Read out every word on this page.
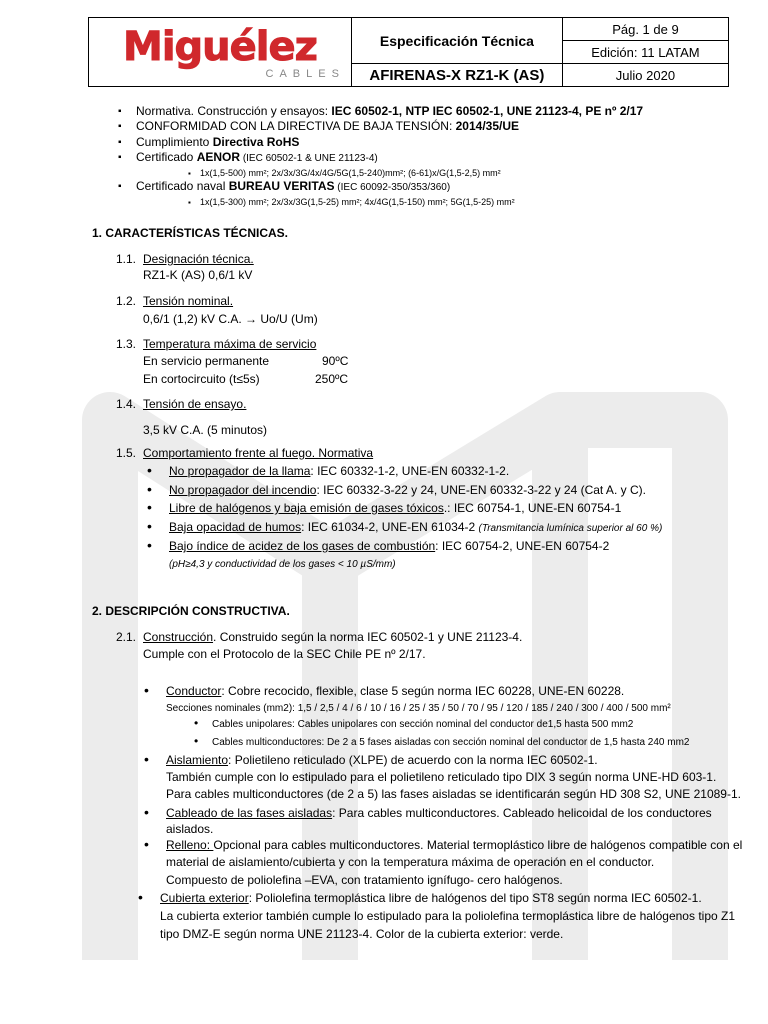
Miguélez
CABLES	Especificación Técnica	Pág. 1 de 9
		Edición: 11 LATAM
	AFIRENAS-X RZ1-K (AS)	Julio 2020
▪ Normativa. Construcción y ensayos: IEC 60502-1, NTP IEC 60502-1, UNE 21123-4, PE nº 2/17
▪ CONFORMIDAD CON LA DIRECTIVA DE BAJA TENSIÓN: 2014/35/UE
▪ Cumplimiento Directiva RoHS
▪ Certificado AENOR (IEC 60502-1 & UNE 21123-4)
▪ 1x(1,5-500) mm²; 2x/3x/3G/4x/4G/5G(1,5-240)mm²; (6-61)x/G(1,5-2,5) mm²
▪ Certificado naval BUREAU VERITAS (IEC 60092-350/353/360)
▪ 1x(1,5-300) mm²; 2x/3x/3G(1,5-25) mm²; 4x/4G(1,5-150) mm²; 5G(1,5-25) mm²
1. CARACTERÍSTICAS TÉCNICAS.
1.1. Designación técnica.
RZ1-K (AS) 0,6/1 kV
1.2. Tensión nominal.
0,6/1 (1,2) kV C.A. → Uo/U (Um)
1.3. Temperatura máxima de servicio
En servicio permanente	90ºC
En cortocircuito (t≤5s)	250ºC
1.4. Tensión de ensayo.
3,5 kV C.A. (5 minutos)
1.5. Comportamiento frente al fuego. Normativa
• No propagador de la llama: IEC 60332-1-2, UNE-EN 60332-1-2.
• No propagador del incendio: IEC 60332-3-22 y 24, UNE-EN 60332-3-22 y 24 (Cat A. y C).
• Libre de halógenos y baja emisión de gases tóxicos.: IEC 60754-1, UNE-EN 60754-1
• Baja opacidad de humos: IEC 61034-2, UNE-EN 61034-2 (Transmitancia lumínica superior al 60 %)
• Bajo índice de acidez de los gases de combustión: IEC 60754-2, UNE-EN 60754-2
(pH≥4,3 y conductividad de los gases < 10 µS/mm)
2. DESCRIPCIÓN CONSTRUCTIVA.
2.1. Construcción. Construido según la norma IEC 60502-1 y UNE 21123-4.
Cumple con el Protocolo de la SEC Chile PE nº 2/17.
• Conductor: Cobre recocido, flexible, clase 5 según norma IEC 60228, UNE-EN 60228.
Secciones nominales (mm2): 1,5 / 2,5 / 4 / 6 / 10 / 16 / 25 / 35 / 50 / 70 / 95 / 120 / 185 / 240 / 300 / 400 / 500 mm²
• Cables unipolares: Cables unipolares con sección nominal del conductor de1,5 hasta 500 mm2
• Cables multiconductores: De 2 a 5 fases aisladas con sección nominal del conductor de 1,5 hasta 240 mm2
• Aislamiento: Polietileno reticulado (XLPE) de acuerdo con la norma IEC 60502-1.
También cumple con lo estipulado para el polietileno reticulado tipo DIX 3 según norma UNE-HD 603-1.
Para cables multiconductores (de 2 a 5) las fases aisladas se identificarán según HD 308 S2, UNE 21089-1.
• Cableado de las fases aisladas: Para cables multiconductores. Cableado helicoidal de los conductores
aislados.
• Relleno: Opcional para cables multiconductores. Material termoplástico libre de halógenos compatible con el
material de aislamiento/cubierta y con la temperatura máxima de operación en el conductor.
Compuesto de poliolefina –EVA, con tratamiento ignífugo- cero halógenos.
• Cubierta exterior: Poliolefina termoplástica libre de halógenos del tipo ST8 según norma IEC 60502-1.
La cubierta exterior también cumple lo estipulado para la poliolefina termoplástica libre de halógenos tipo Z1
tipo DMZ-E según norma UNE 21123-4. Color de la cubierta exterior: verde.
